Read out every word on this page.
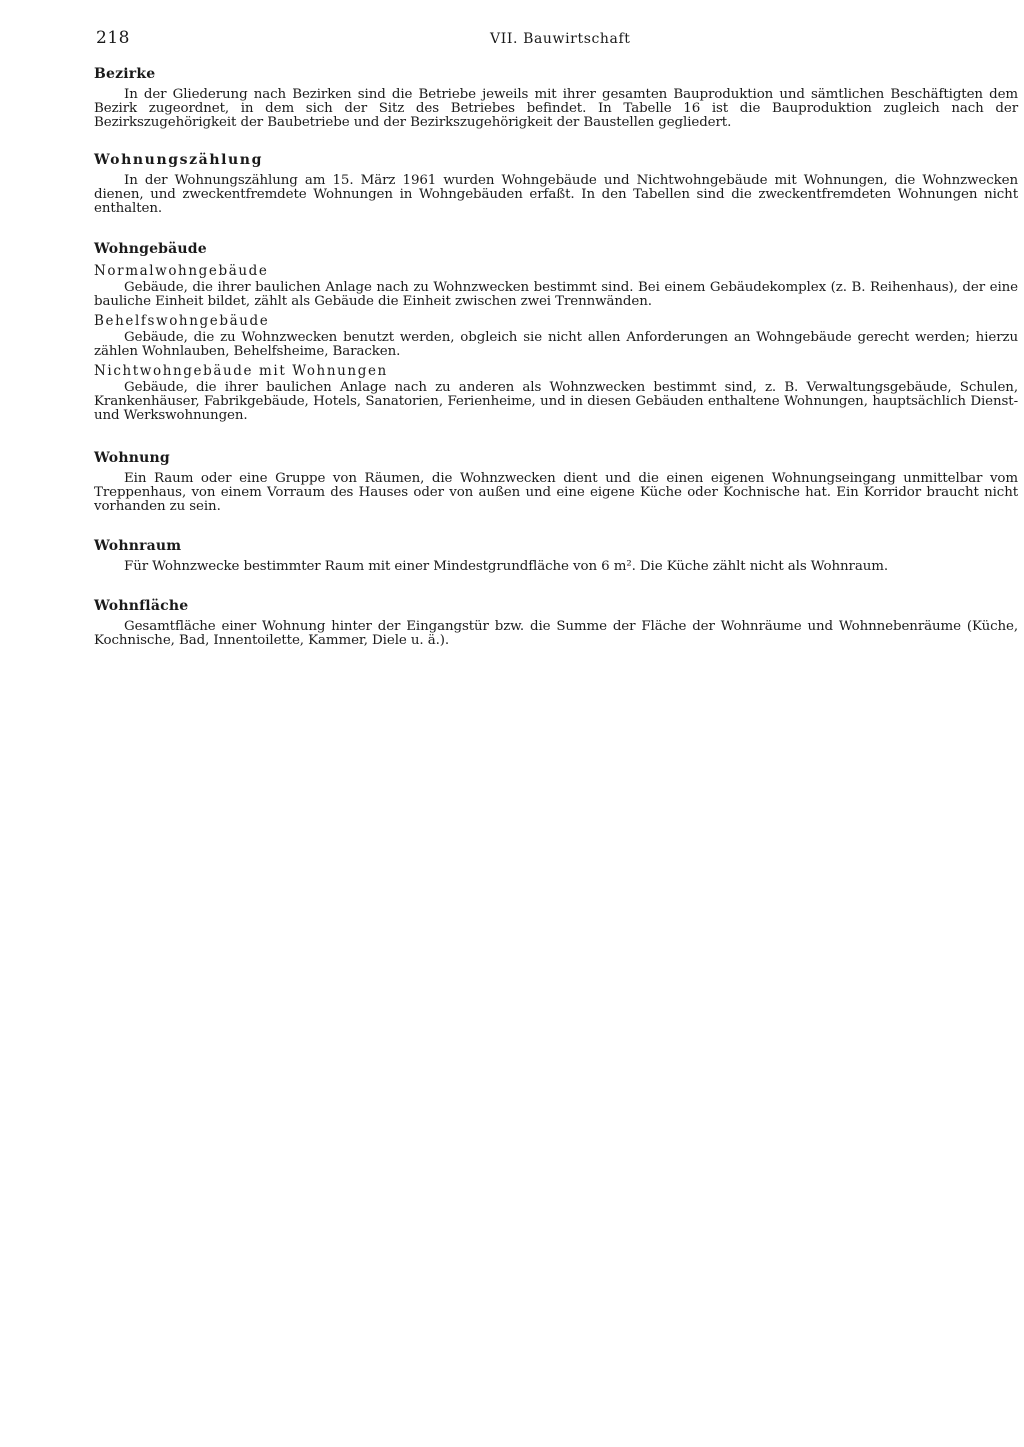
218	VII. Bauwirtschaft
Bezirke

In der Gliederung nach Bezirken sind die Betriebe jeweils mit ihrer gesamten Bauproduktion und sämtlichen Beschäftigten dem Bezirk zugeordnet, in dem sich der Sitz des Betriebes befindet. In Tabelle 16 ist die Bauproduktion zugleich nach der Bezirkszugehörigkeit der Baubetriebe und der Bezirkszugehörigkeit der Baustellen gegliedert.

Wohnungszählung

In der Wohnungszählung am 15. März 1961 wurden Wohngebäude und Nichtwohngebäude mit Wohnungen, die Wohnzwecken dienen, und zweckentfremdete Wohnungen in Wohngebäuden erfaßt. In den Tabellen sind die zweckentfremdeten Wohnungen nicht enthalten.

Wohngebäude
Normalwohngebäude

Gebäude, die ihrer baulichen Anlage nach zu Wohnzwecken bestimmt sind. Bei einem Gebäudekomplex (z. B. Reihenhaus), der eine bauliche Einheit bildet, zählt als Gebäude die Einheit zwischen zwei Trennwänden.

Behelfswohngebäude

Gebäude, die zu Wohnzwecken benutzt werden, obgleich sie nicht allen Anforderungen an Wohngebäude gerecht werden; hierzu zählen Wohnlauben, Behelfsheime, Baracken.

Nichtwohngebäude mit Wohnungen

Gebäude, die ihrer baulichen Anlage nach zu anderen als Wohnzwecken bestimmt sind, z. B. Verwaltungsgebäude, Schulen, Krankenhäuser, Fabrikgebäude, Hotels, Sanatorien, Ferienheime, und in diesen Gebäuden enthaltene Wohnungen, hauptsächlich Dienst- und Werkswohnungen.

Wohnung

Ein Raum oder eine Gruppe von Räumen, die Wohnzwecken dient und die einen eigenen Wohnungseingang unmittelbar vom Treppenhaus, von einem Vorraum des Hauses oder von außen und eine eigene Küche oder Kochnische hat. Ein Korridor braucht nicht vorhanden zu sein.

Wohnraum

Für Wohnzwecke bestimmter Raum mit einer Mindestgrundfläche von 6 m². Die Küche zählt nicht als Wohnraum.

Wohnfläche

Gesamtfläche einer Wohnung hinter der Eingangstür bzw. die Summe der Fläche der Wohnräume und Wohnnebenräume (Küche, Kochnische, Bad, Innentoilette, Kammer, Diele u. ä.).
